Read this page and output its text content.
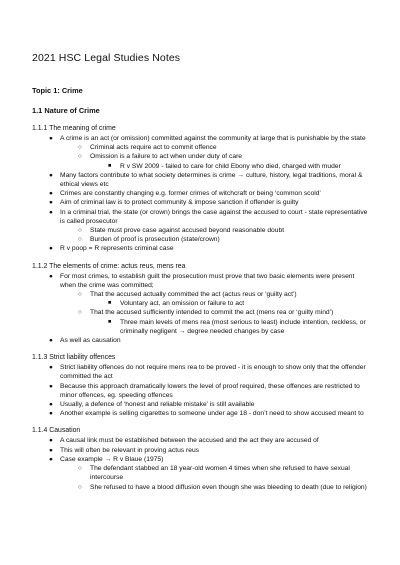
2021 HSC Legal Studies Notes
Topic 1: Crime
1.1 Nature of Crime
1.1.1 The meaning of crime
● A crime is an act (or omission) committed against the community at large that is punishable by the state
○ Criminal acts require act to commit offence
○ Omission is a failure to act when under duty of care
■ R v SW 2009 - failed to care for child Ebony who died, charged with muder
● Many factors contribute to what society determines is crime → culture, history, legal traditions, moral & ethical views etc
● Crimes are constantly changing e.g. former crimes of witchcraft or being ‘common scold’
● Aim of criminal law is to protect community & impose sanction if offender is guilty
● In a criminal trial, the state (or crown) brings the case against the accused to court - state representative is called prosecutor
○ State must prove case against accused beyond reasonable doubt
○ Burden of proof is prosecution (state/crown)
● R v poop = R represents criminal case
1.1.2 The elements of crime: actus reus, mens rea
● For most crimes, to establish guilt the prosecution must prove that two basic elements were present when the crime was committed;
○ That the accused actually committed the act (actus reus or ‘guilty act’)
■ Voluntary act, an omission or failure to act
○ That the accused sufficiently intended to commit the act (mens rea or ‘guilty mind’)
■ Three main levels of mens rea (most serious to least) include intention, reckless, or criminally negligent → degree needed changes by case
● As well as causation
1.1.3 Strict liability offences
● Strict liability offences do not require mens rea to be proved - it is enough to show only that the offender committed the act
● Because this approach dramatically lowers the level of proof required, these offences are restricted to minor offences, eg. speeding offences
● Usually, a defence of ‘honest and reliable mistake’ is still available
● Another example is selling cigarettes to someone under age 18 - don’t need to show accused meant to
1.1.4 Causation
● A causal link must be established between the accused and the act they are accused of
● This will often be relevant in proving actus reus
● Case example → R v Blaue (1975)
○ The defendant stabbed an 18 year-old women 4 times when she refused to have sexual intercourse
○ She refused to have a blood diffusion even though she was bleeding to death (due to religion)
